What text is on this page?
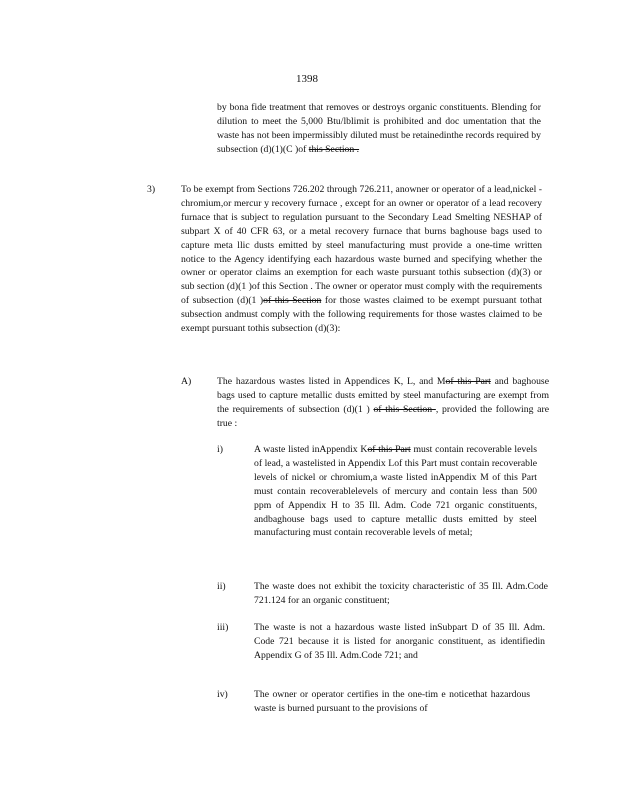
1398

by bona fide treatment that removes or destroys organic constituents. Blending for dilution to meet the 5,000 Btu/lblimit is prohibited and doc umentation that the waste has not been impermissibly diluted must be retainedinthe records required by subsection (d)(1)(C )of this Section .

3)	To be exempt from Sections 726.202 through 726.211, anowner or operator of a lead,nickel - chromium,or mercur y recovery furnace , except for an owner or operator of a lead recovery furnace that is subject to regulation pursuant to the Secondary Lead Smelting NESHAP of subpart X of 40 CFR 63, or a metal recovery furnace that burns baghouse bags used to capture meta llic dusts emitted by steel manufacturing must provide a one-time written notice to the Agency identifying each hazardous waste burned and specifying whether the owner or operator claims an exemption for each waste pursuant tothis subsection (d)(3) or sub section (d)(1 )of this Section . The owner or operator must comply with the requirements of subsection (d)(1 )of this Section for those wastes claimed to be exempt pursuant tothat subsection andmust comply with the following requirements for those wastes claimed to be exempt pursuant tothis subsection (d)(3):

A)	The hazardous wastes listed in Appendices K, L, and Mof this Part and baghouse bags used to capture metallic dusts emitted by steel manufacturing are exempt from the requirements of subsection (d)(1 ) of this Section , provided the following are true :

i)	A waste listed inAppendix Kof this Part must contain recoverable levels of lead, a wastelisted in Appendix Lof this Part must contain recoverable levels of nickel or chromium,a waste listed inAppendix M of this Part must contain recoverablelevels of mercury and contain less than 500 ppm of Appendix H to 35 Ill. Adm. Code 721 organic constituents, andbaghouse bags used to capture metallic dusts emitted by steel manufacturing must contain recoverable levels of metal;

ii)	The waste does not exhibit the toxicity characteristic of 35 Ill. Adm.Code 721.124 for an organic constituent;

iii)	The waste is not a hazardous waste listed inSubpart D of 35 Ill. Adm. Code 721 because it is listed for anorganic constituent, as identifiedin Appendix G of 35 Ill. Adm.Code 721; and

iv)	The owner or operator certifies in the one-tim e noticethat hazardous waste is burned pursuant to the provisions of
